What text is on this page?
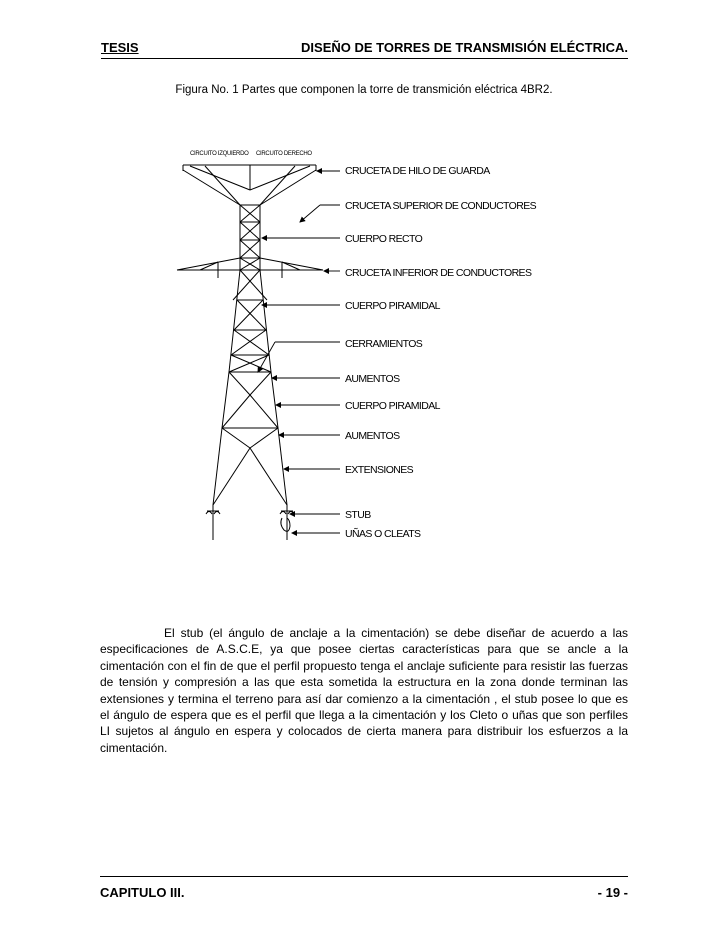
TESIS	DISEÑO DE TORRES DE TRANSMISIÓN ELÉCTRICA.
Figura No. 1 Partes que componen la torre de transmición eléctrica 4BR2.
CIRCUITO IZQUIERDO CIRCUITO DERECHO
CRUCETA DE HILO DE GUARDA
CRUCETA SUPERIOR DE CONDUCTORES
CUERPO RECTO
CRUCETA INFERIOR DE CONDUCTORES
CUERPO PIRAMIDAL
CERRAMIENTOS
AUMENTOS
CUERPO PIRAMIDAL
AUMENTOS
EXTENSIONES
STUB
UÑAS O CLEATS
El stub (el ángulo de anclaje a la cimentación) se debe diseñar de acuerdo a las especificaciones de A.S.C.E, ya que posee ciertas características para que se ancle a la cimentación con el fin de que el perfil propuesto tenga el anclaje suficiente para resistir las fuerzas de tensión y compresión a las que esta sometida la estructura en la zona donde terminan las extensiones y termina el terreno para así dar comienzo a la cimentación , el stub posee lo que es el ángulo de espera que es el perfil que llega a la cimentación y los Cleto o uñas que son perfiles LI sujetos al ángulo en espera y colocados de cierta manera para distribuir los esfuerzos a la cimentación.
CAPITULO III.	- 19 -
